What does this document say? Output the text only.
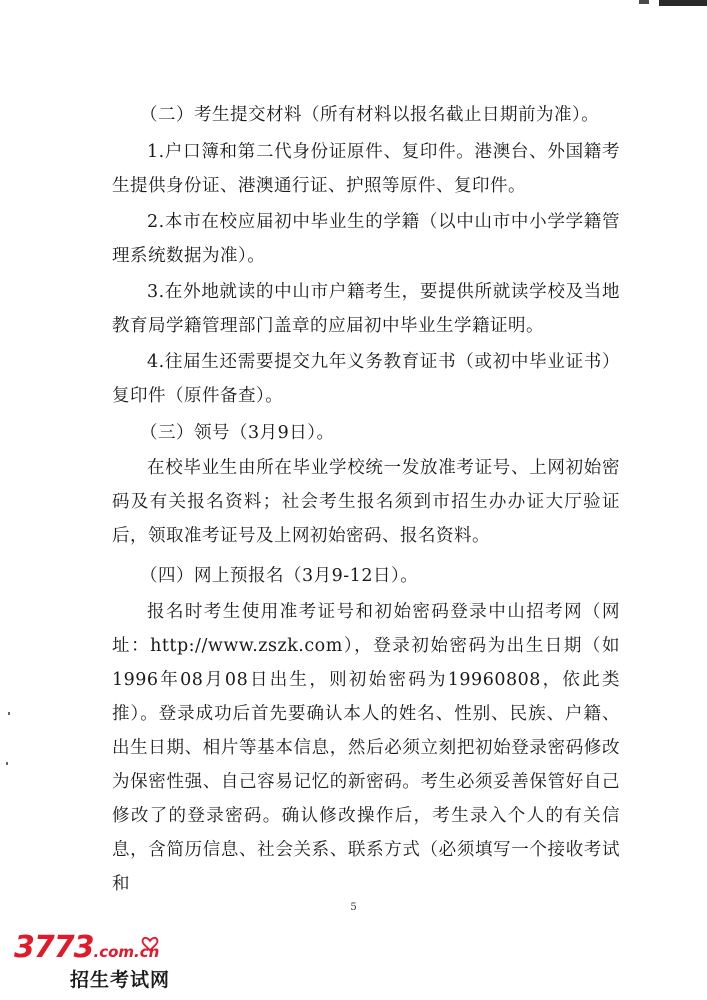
（二）考生提交材料（所有材料以报名截止日期前为准）。
1.户口簿和第二代身份证原件、复印件。港澳台、外国籍考生提供身份证、港澳通行证、护照等原件、复印件。
2.本市在校应届初中毕业生的学籍（以中山市中小学学籍管理系统数据为准）。
3.在外地就读的中山市户籍考生，要提供所就读学校及当地教育局学籍管理部门盖章的应届初中毕业生学籍证明。
4.往届生还需要提交九年义务教育证书（或初中毕业证书）复印件（原件备查）。
（三）领号（3月9日）。
在校毕业生由所在毕业学校统一发放准考证号、上网初始密码及有关报名资料；社会考生报名须到市招生办办证大厅验证后，领取准考证号及上网初始密码、报名资料。
（四）网上预报名（3月9-12日）。
报名时考生使用准考证号和初始密码登录中山招考网（网址：http://www.zszk.com），登录初始密码为出生日期（如1996年08月08日出生，则初始密码为19960808，依此类推）。登录成功后首先要确认本人的姓名、性别、民族、户籍、出生日期、相片等基本信息，然后必须立刻把初始登录密码修改为保密性强、自己容易记忆的新密码。考生必须妥善保管好自己修改了的登录密码。确认修改操作后，考生录入个人的有关信息，含简历信息、社会关系、联系方式（必须填写一个接收考试和
5
3773.com.cn
招生考试网
